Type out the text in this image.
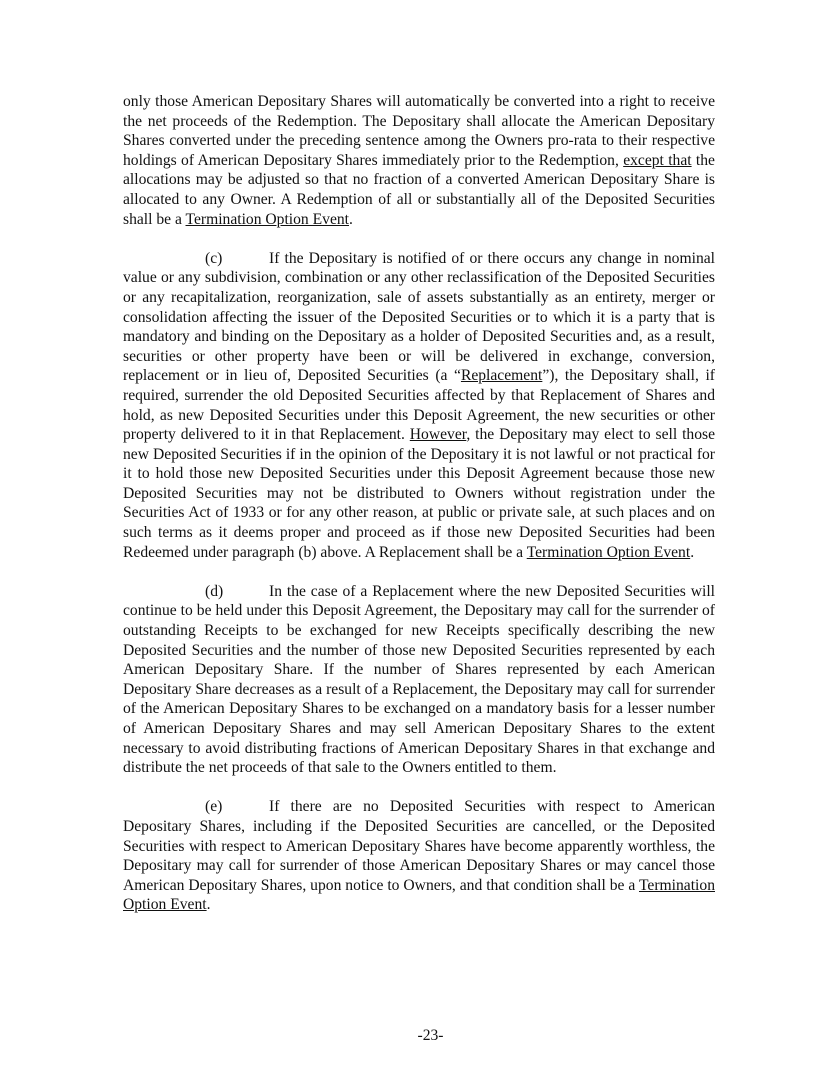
only those American Depositary Shares will automatically be converted into a right to receive the net proceeds of the Redemption. The Depositary shall allocate the American Depositary Shares converted under the preceding sentence among the Owners pro-rata to their respective holdings of American Depositary Shares immediately prior to the Redemption, except that the allocations may be adjusted so that no fraction of a converted American Depositary Share is allocated to any Owner. A Redemption of all or substantially all of the Deposited Securities shall be a Termination Option Event.

(c)	If the Depositary is notified of or there occurs any change in nominal value or any subdivision, combination or any other reclassification of the Deposited Securities or any recapitalization, reorganization, sale of assets substantially as an entirety, merger or consolidation affecting the issuer of the Deposited Securities or to which it is a party that is mandatory and binding on the Depositary as a holder of Deposited Securities and, as a result, securities or other property have been or will be delivered in exchange, conversion, replacement or in lieu of, Deposited Securities (a “Replacement”), the Depositary shall, if required, surrender the old Deposited Securities affected by that Replacement of Shares and hold, as new Deposited Securities under this Deposit Agreement, the new securities or other property delivered to it in that Replacement. However, the Depositary may elect to sell those new Deposited Securities if in the opinion of the Depositary it is not lawful or not practical for it to hold those new Deposited Securities under this Deposit Agreement because those new Deposited Securities may not be distributed to Owners without registration under the Securities Act of 1933 or for any other reason, at public or private sale, at such places and on such terms as it deems proper and proceed as if those new Deposited Securities had been Redeemed under paragraph (b) above. A Replacement shall be a Termination Option Event.

(d)	In the case of a Replacement where the new Deposited Securities will continue to be held under this Deposit Agreement, the Depositary may call for the surrender of outstanding Receipts to be exchanged for new Receipts specifically describing the new Deposited Securities and the number of those new Deposited Securities represented by each American Depositary Share. If the number of Shares represented by each American Depositary Share decreases as a result of a Replacement, the Depositary may call for surrender of the American Depositary Shares to be exchanged on a mandatory basis for a lesser number of American Depositary Shares and may sell American Depositary Shares to the extent necessary to avoid distributing fractions of American Depositary Shares in that exchange and distribute the net proceeds of that sale to the Owners entitled to them.

(e)	If there are no Deposited Securities with respect to American Depositary Shares, including if the Deposited Securities are cancelled, or the Deposited Securities with respect to American Depositary Shares have become apparently worthless, the Depositary may call for surrender of those American Depositary Shares or may cancel those American Depositary Shares, upon notice to Owners, and that condition shall be a Termination Option Event.

-23-
